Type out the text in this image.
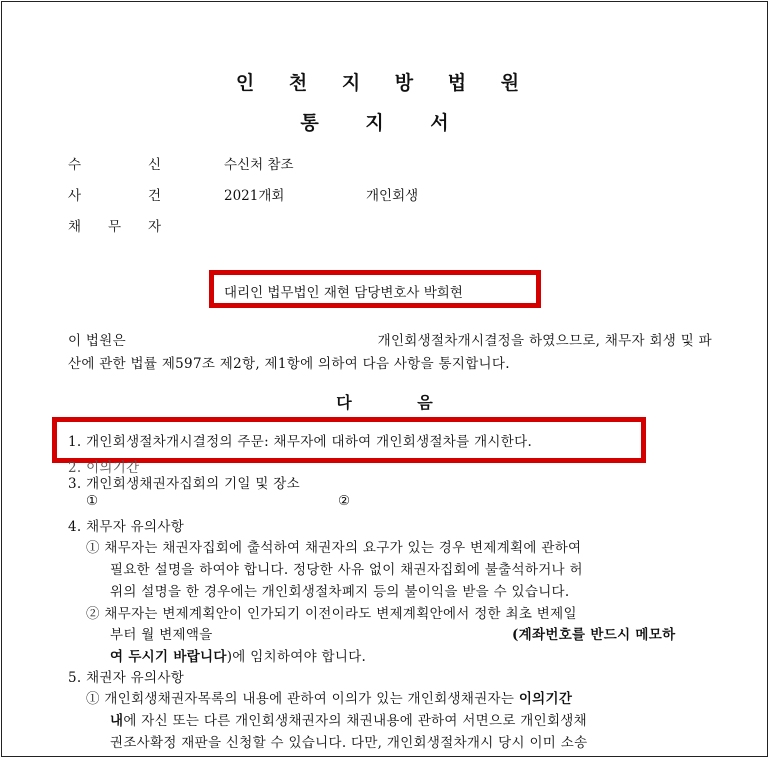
인 천 지 방 법 원
통 지 서
수	신	수신처 참조
사	건	2021개회	개인회생
채 무 자
대리인 법무법인 재현 담당변호사 박희현
이 법원은	개인회생절차개시결정을 하였으므로, 채무자 회생 및 파
산에 관한 법률 제597조 제2항, 제1항에 의하여 다음 사항을 통지합니다.
다 음
1. 개인회생절차개시결정의 주문: 채무자에 대하여 개인회생절차를 개시한다.
2. 이의기간
3. 개인회생채권자집회의 기일 및 장소
①	②
4. 채무자 유의사항
① 채무자는 채권자집회에 출석하여 채권자의 요구가 있는 경우 변제계획에 관하여
필요한 설명을 하여야 합니다. 정당한 사유 없이 채권자집회에 불출석하거나 허
위의 설명을 한 경우에는 개인회생절차폐지 등의 불이익을 받을 수 있습니다.
② 채무자는 변제계획안이 인가되기 이전이라도 변제계획안에서 정한 최초 변제일
부터 월 변제액을	(계좌번호를 반드시 메모하
여 두시기 바랍니다)에 임치하여야 합니다.
5. 채권자 유의사항
① 개인회생채권자목록의 내용에 관하여 이의가 있는 개인회생채권자는 이의기간
내에 자신 또는 다른 개인회생채권자의 채권내용에 관하여 서면으로 개인회생채
권조사확정 재판을 신청할 수 있습니다. 다만, 개인회생절차개시 당시 이미 소송
